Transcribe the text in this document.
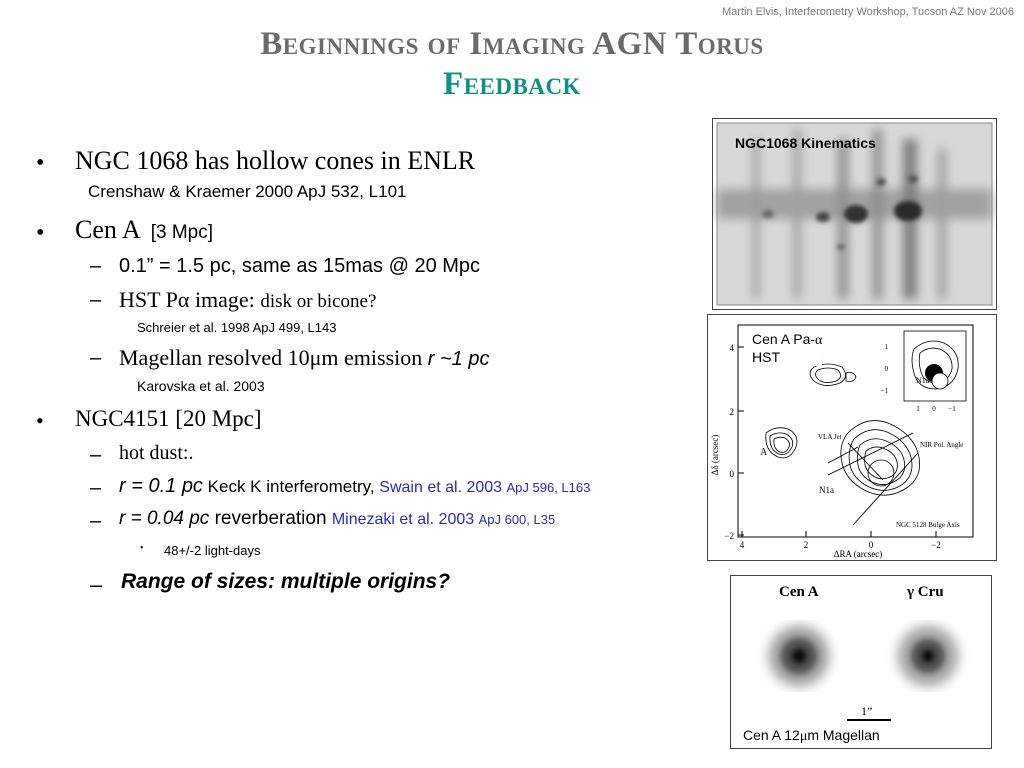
Martin Elvis, Interferometry Workshop, Tucson AZ Nov 2006
Beginnings of Imaging AGN Torus
Feedback
• NGC 1068 has hollow cones in ENLR
Crenshaw & Kraemer 2000 ApJ 532, L101
• Cen A [3 Mpc]
– 0.1” = 1.5 pc, same as 15mas @ 20 Mpc
– HST Pα image: disk or bicone?
Schreier et al. 1998 ApJ 499, L143
– Magellan resolved 10μm emission r ~1 pc
Karovska et al. 2003
• NGC4151 [20 Mpc]
– hot dust:.
– r = 0.1 pc Keck K interferometry, Swain et al. 2003 ApJ 596, L163
– r = 0.04 pc reverberation Minezaki et al. 2003 ApJ 600, L35
• 48+/-2 light-days
– Range of sizes: multiple origins?
NGC1068 Kinematics
A
N1a
N1a
VLA Jet
NIR Pol. Angle
NGC 5128 Bulge Axis
Δδ (arcsec)
ΔRA (arcsec)
4
2
0
−2
4	2	0	−2
1 0 −1
1
0
−1
Cen A Pa-α
HST
Cen A	γ Cru
1”
Cen A 12μm Magellan
